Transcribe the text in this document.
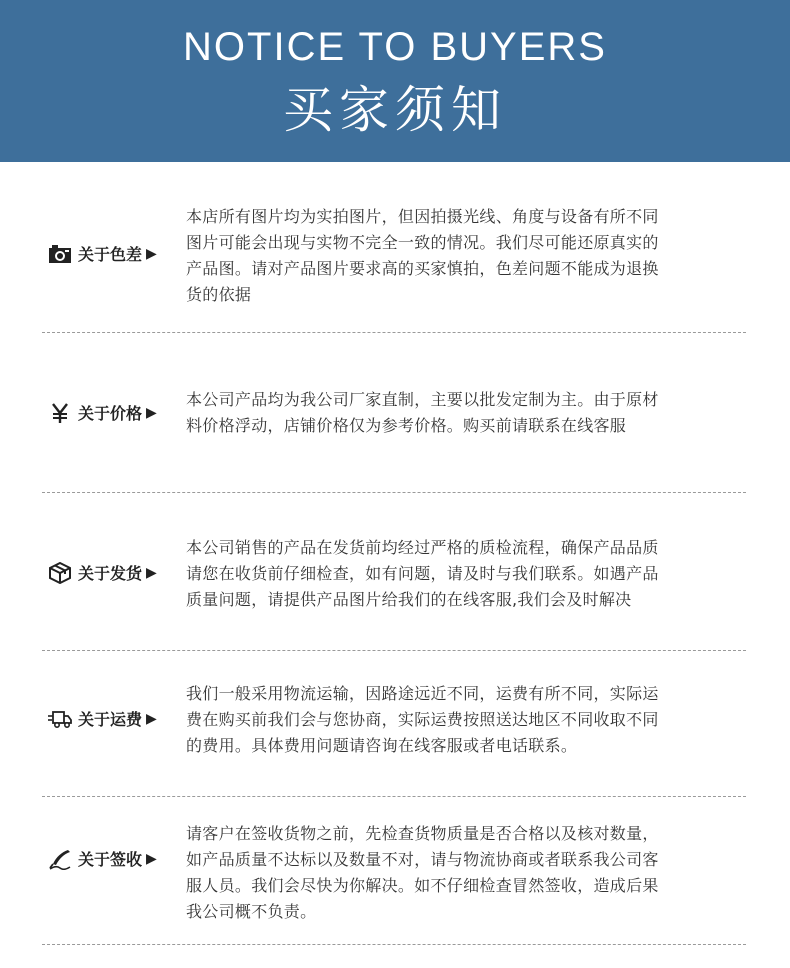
NOTICE TO BUYERS
买家须知
关于色差 ▶
本店所有图片均为实拍图片，但因拍摄光线、角度与设备有所不同
图片可能会出现与实物不完全一致的情况。我们尽可能还原真实的
产品图。请对产品图片要求高的买家慎拍，色差问题不能成为退换
货的依据
关于价格 ▶
本公司产品均为我公司厂家直制，主要以批发定制为主。由于原材
料价格浮动，店铺价格仅为参考价格。购买前请联系在线客服
关于发货 ▶
本公司销售的产品在发货前均经过严格的质检流程，确保产品品质
请您在收货前仔细检查，如有问题，请及时与我们联系。如遇产品
质量问题，请提供产品图片给我们的在线客服,我们会及时解决
关于运费 ▶
我们一般采用物流运输，因路途远近不同，运费有所不同，实际运
费在购买前我们会与您协商，实际运费按照送达地区不同收取不同
的费用。具体费用问题请咨询在线客服或者电话联系。
关于签收 ▶
请客户在签收货物之前，先检查货物质量是否合格以及核对数量，
如产品质量不达标以及数量不对，请与物流协商或者联系我公司客
服人员。我们会尽快为你解决。如不仔细检查冒然签收，造成后果
我公司概不负责。
